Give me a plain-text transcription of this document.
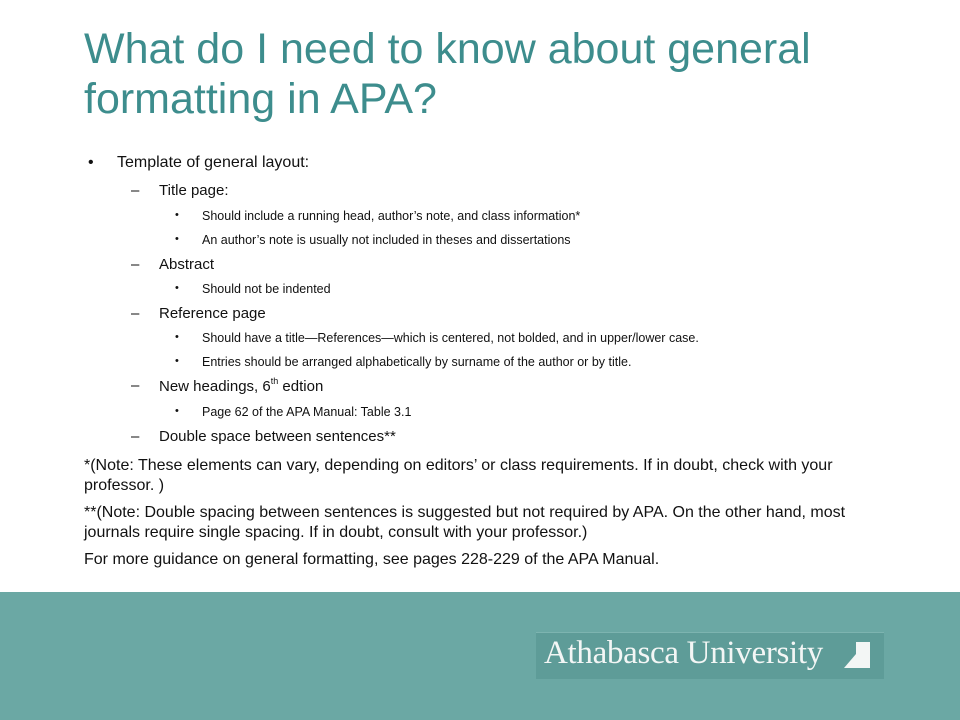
What do I need to know about general formatting in APA?
• Template of general layout:
– Title page:
• Should include a running head, author’s note, and class information*
• An author’s note is usually not included in theses and dissertations
– Abstract
• Should not be indented
– Reference page
• Should have a title—References—which is centered, not bolded, and in upper/lower case.
• Entries should be arranged alphabetically by surname of the author or by title.
– New headings, 6th edtion
• Page 62 of the APA Manual: Table 3.1
– Double space between sentences**
*(Note: These elements can vary, depending on editors’ or class requirements. If in doubt, check with your professor. )
**(Note: Double spacing between sentences is suggested but not required by APA. On the other hand, most journals require single spacing. If in doubt, consult with your professor.)
For more guidance on general formatting, see pages 228-229 of the APA Manual.
Athabasca University
